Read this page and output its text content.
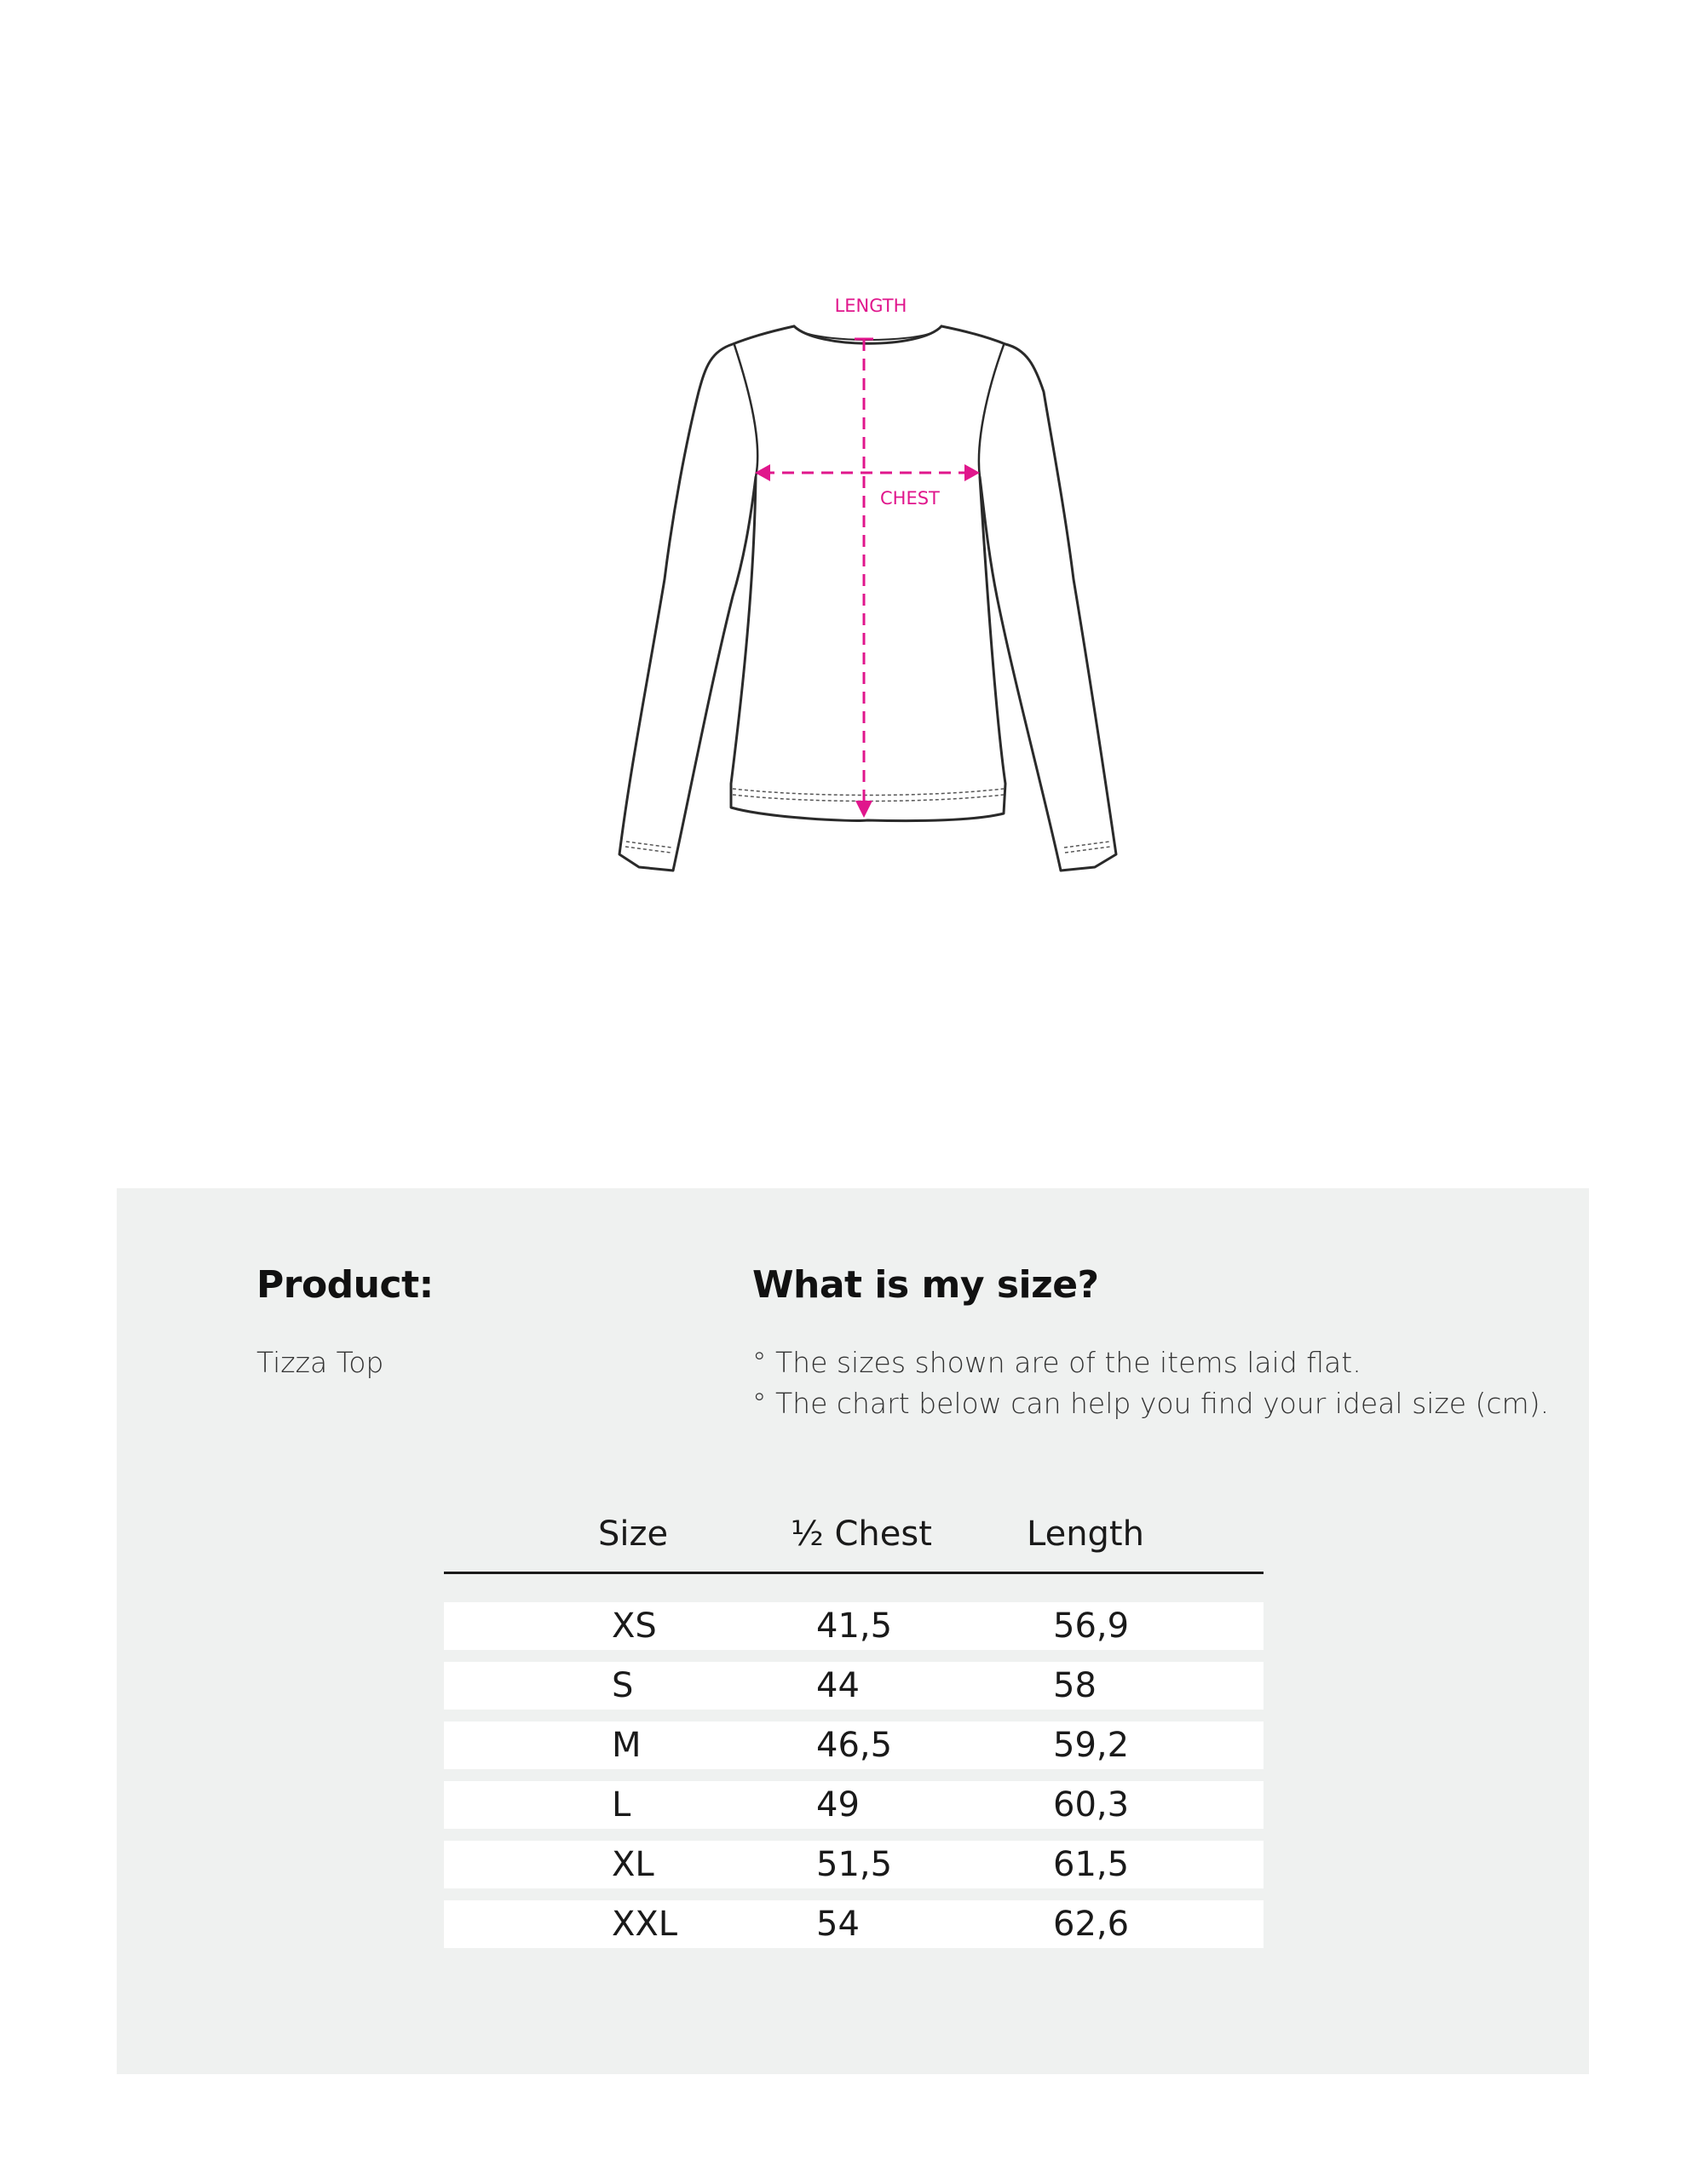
LENGTH
CHEST
Product:
Tizza Top
What is my size?
° The sizes shown are of the items laid flat.
° The chart below can help you find your ideal size (cm).
Size	½ Chest	Length
XS	41,5	56,9
S	44	58
M	46,5	59,2
L	49	60,3
XL	51,5	61,5
XXL	54	62,6
